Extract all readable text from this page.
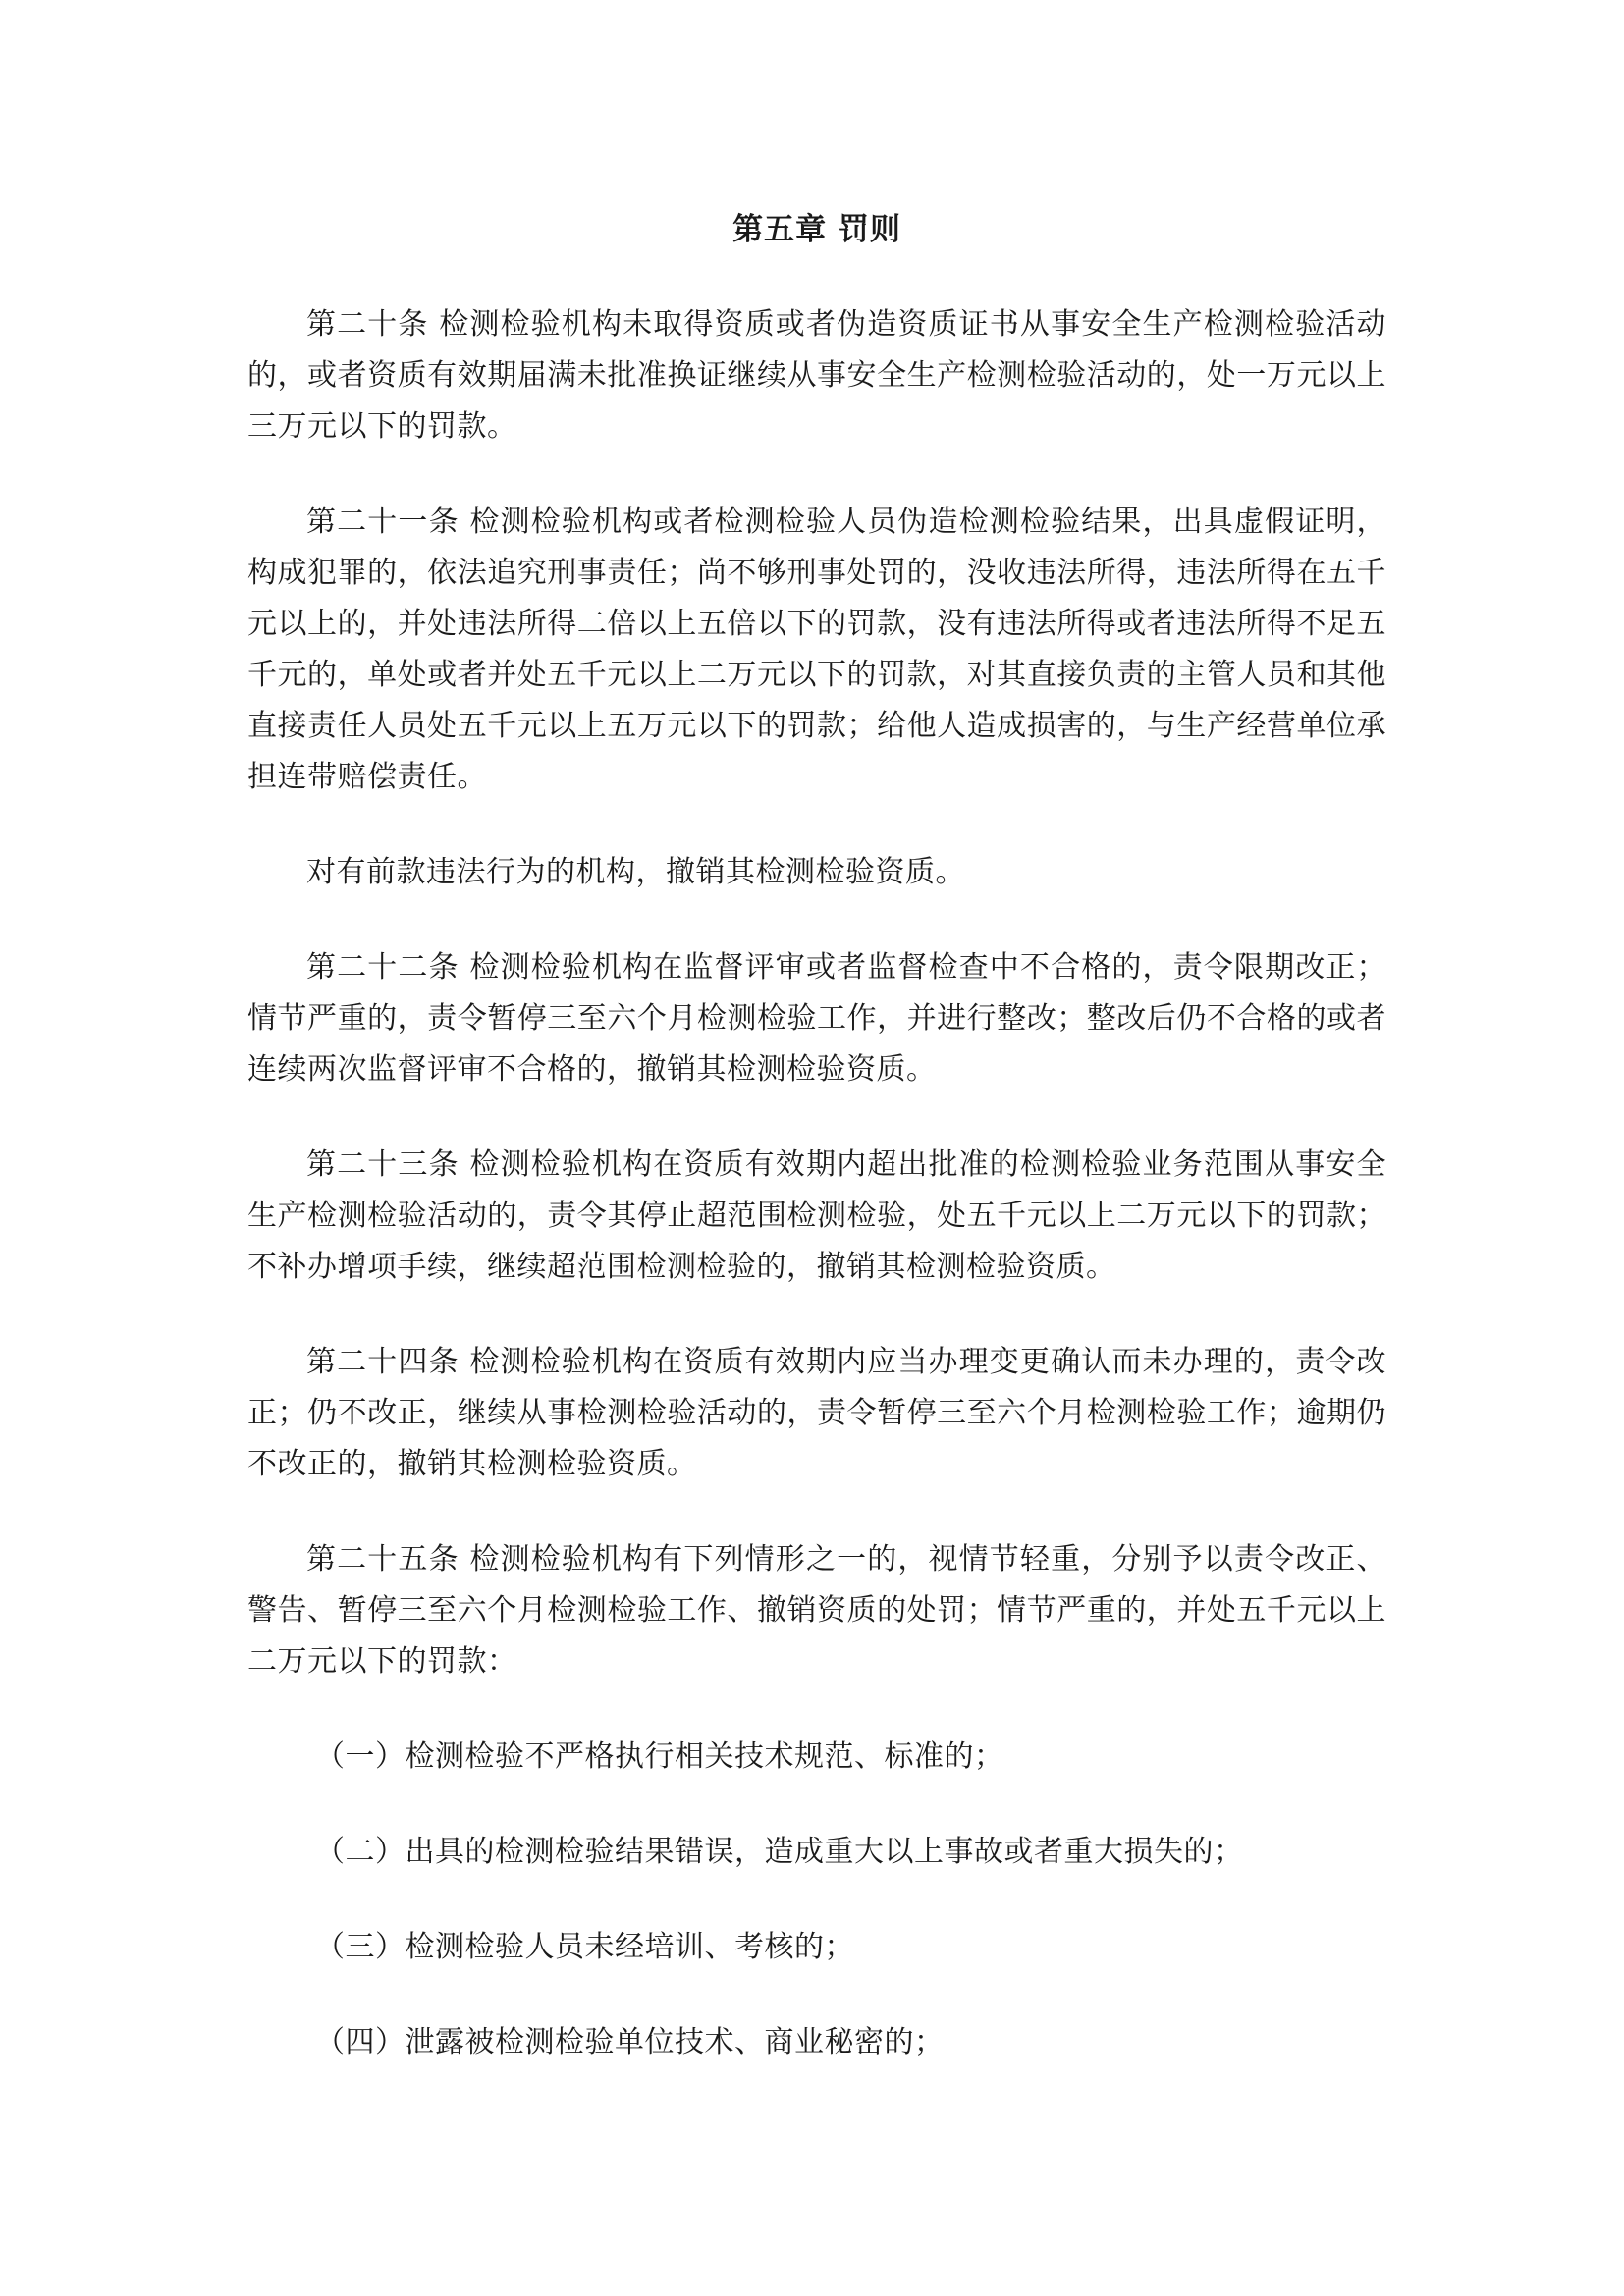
第五章 罚则

第二十条 检测检验机构未取得资质或者伪造资质证书从事安全生产检测检验活动的，或者资质有效期届满未批准换证继续从事安全生产检测检验活动的，处一万元以上三万元以下的罚款。

第二十一条 检测检验机构或者检测检验人员伪造检测检验结果，出具虚假证明，构成犯罪的，依法追究刑事责任；尚不够刑事处罚的，没收违法所得，违法所得在五千元以上的，并处违法所得二倍以上五倍以下的罚款，没有违法所得或者违法所得不足五千元的，单处或者并处五千元以上二万元以下的罚款，对其直接负责的主管人员和其他直接责任人员处五千元以上五万元以下的罚款；给他人造成损害的，与生产经营单位承担连带赔偿责任。

对有前款违法行为的机构，撤销其检测检验资质。

第二十二条 检测检验机构在监督评审或者监督检查中不合格的，责令限期改正；情节严重的，责令暂停三至六个月检测检验工作，并进行整改；整改后仍不合格的或者连续两次监督评审不合格的，撤销其检测检验资质。

第二十三条 检测检验机构在资质有效期内超出批准的检测检验业务范围从事安全生产检测检验活动的，责令其停止超范围检测检验，处五千元以上二万元以下的罚款；不补办增项手续，继续超范围检测检验的，撤销其检测检验资质。

第二十四条 检测检验机构在资质有效期内应当办理变更确认而未办理的，责令改正；仍不改正，继续从事检测检验活动的，责令暂停三至六个月检测检验工作；逾期仍不改正的，撤销其检测检验资质。

第二十五条 检测检验机构有下列情形之一的，视情节轻重，分别予以责令改正、警告、暂停三至六个月检测检验工作、撤销资质的处罚；情节严重的，并处五千元以上二万元以下的罚款：

（一）检测检验不严格执行相关技术规范、标准的；

（二）出具的检测检验结果错误，造成重大以上事故或者重大损失的；

（三）检测检验人员未经培训、考核的；

（四）泄露被检测检验单位技术、商业秘密的；
